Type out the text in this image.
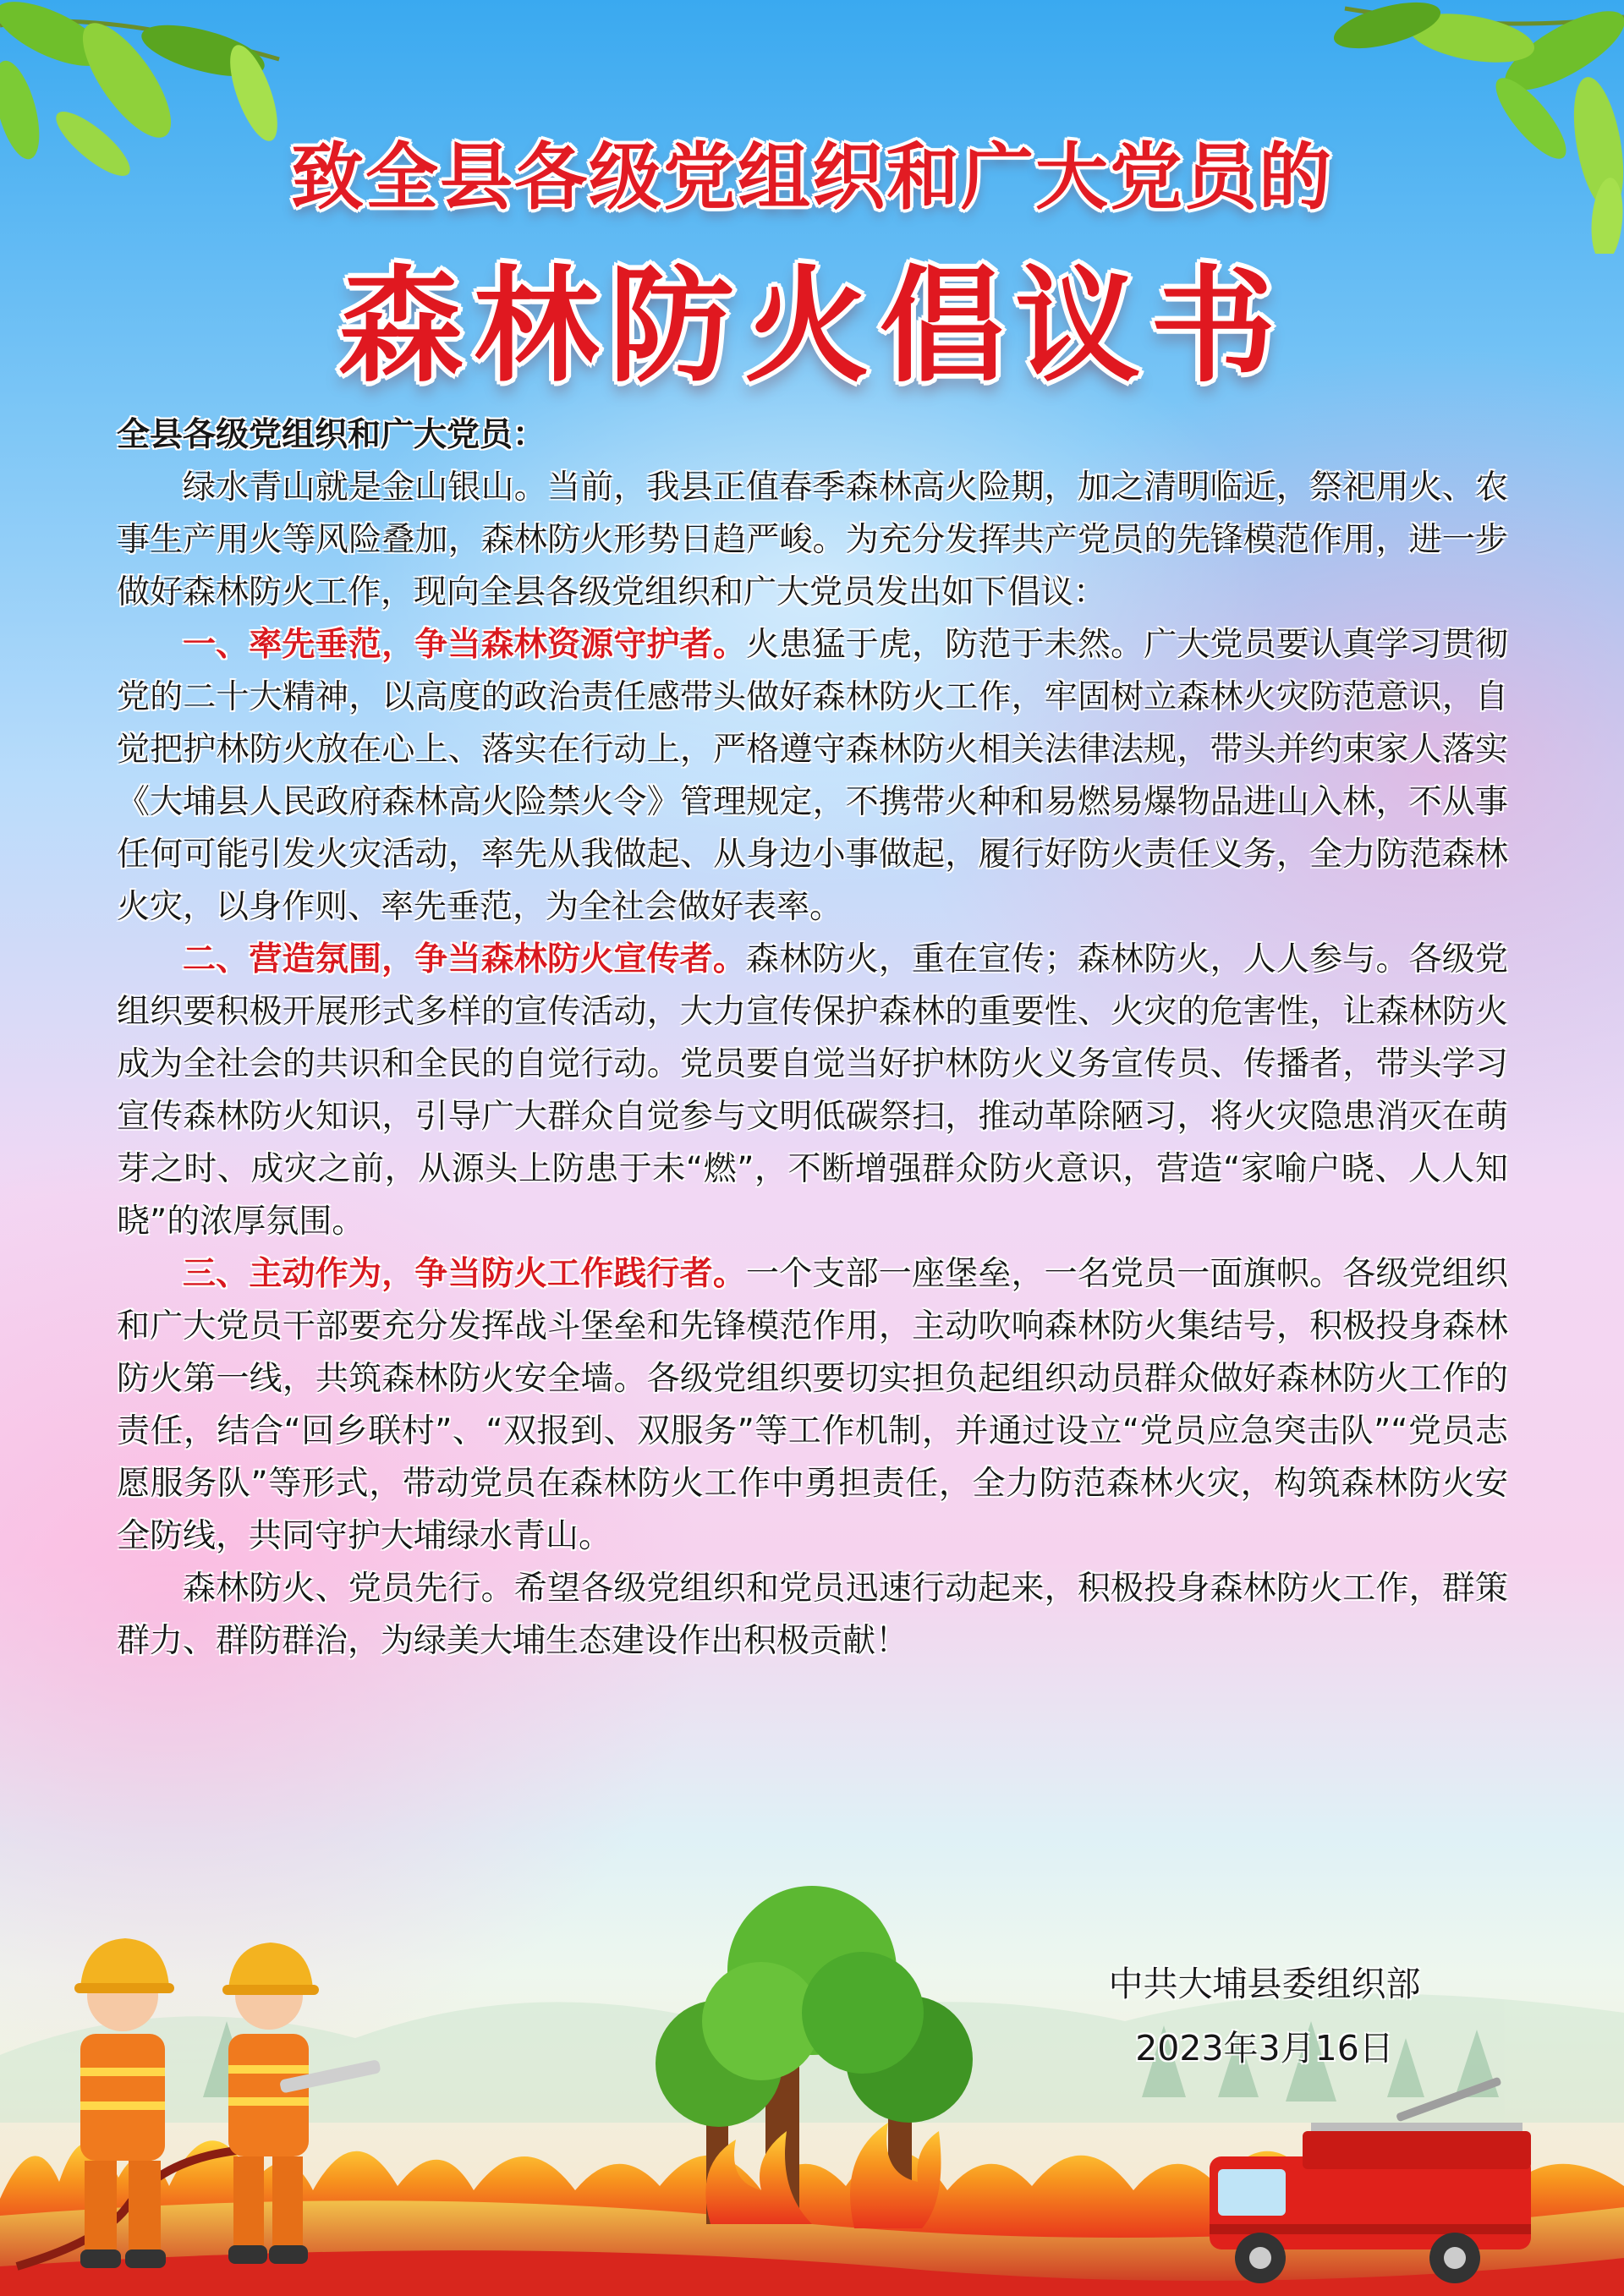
致全县各级党组织和广大党员的
森林防火倡议书

全县各级党组织和广大党员：

绿水青山就是金山银山。当前，我县正值春季森林高火险期，加之清明临近，祭祀用火、农事生产用火等风险叠加，森林防火形势日趋严峻。为充分发挥共产党员的先锋模范作用，进一步做好森林防火工作，现向全县各级党组织和广大党员发出如下倡议：

一、率先垂范，争当森林资源守护者。火患猛于虎，防范于未然。广大党员要认真学习贯彻党的二十大精神，以高度的政治责任感带头做好森林防火工作，牢固树立森林火灾防范意识，自觉把护林防火放在心上、落实在行动上，严格遵守森林防火相关法律法规，带头并约束家人落实《大埔县人民政府森林高火险禁火令》管理规定，不携带火种和易燃易爆物品进山入林，不从事任何可能引发火灾活动，率先从我做起、从身边小事做起，履行好防火责任义务，全力防范森林火灾，以身作则、率先垂范，为全社会做好表率。

二、营造氛围，争当森林防火宣传者。森林防火，重在宣传；森林防火，人人参与。各级党组织要积极开展形式多样的宣传活动，大力宣传保护森林的重要性、火灾的危害性，让森林防火成为全社会的共识和全民的自觉行动。党员要自觉当好护林防火义务宣传员、传播者，带头学习宣传森林防火知识，引导广大群众自觉参与文明低碳祭扫，推动革除陋习，将火灾隐患消灭在萌芽之时、成灾之前，从源头上防患于未“燃”，不断增强群众防火意识，营造“家喻户晓、人人知晓”的浓厚氛围。

三、主动作为，争当防火工作践行者。一个支部一座堡垒，一名党员一面旗帜。各级党组织和广大党员干部要充分发挥战斗堡垒和先锋模范作用，主动吹响森林防火集结号，积极投身森林防火第一线，共筑森林防火安全墙。各级党组织要切实担负起组织动员群众做好森林防火工作的责任，结合“回乡联村”、“双报到、双服务”等工作机制，并通过设立“党员应急突击队”“党员志愿服务队”等形式，带动党员在森林防火工作中勇担责任，全力防范森林火灾，构筑森林防火安全防线，共同守护大埔绿水青山。

森林防火、党员先行。希望各级党组织和党员迅速行动起来，积极投身森林防火工作，群策群力、群防群治，为绿美大埔生态建设作出积极贡献！

中共大埔县委组织部
2023年3月16日
